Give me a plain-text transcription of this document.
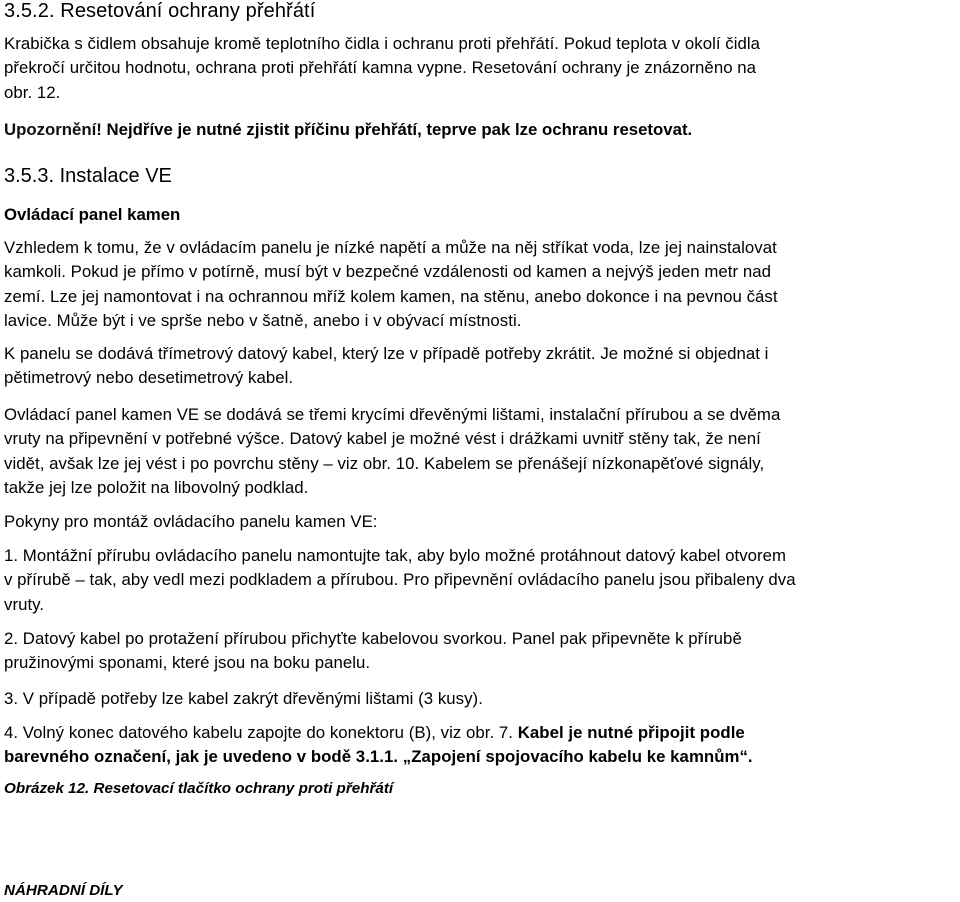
3.5.2. Resetování ochrany přehřátí

Krabička s čidlem obsahuje kromě teplotního čidla i ochranu proti přehřátí. Pokud teplota v okolí čidla
překročí určitou hodnotu, ochrana proti přehřátí kamna vypne. Resetování ochrany je znázorněno na
obr. 12.

Upozornění! Nejdříve je nutné zjistit příčinu přehřátí, teprve pak lze ochranu resetovat.

3.5.3. Instalace VE
Ovládací panel kamen

Vzhledem k tomu, že v ovládacím panelu je nízké napětí a může na něj stříkat voda, lze jej nainstalovat
kamkoli. Pokud je přímo v potírně, musí být v bezpečné vzdálenosti od kamen a nejvýš jeden metr nad
zemí. Lze jej namontovat i na ochrannou mříž kolem kamen, na stěnu, anebo dokonce i na pevnou část
lavice. Může být i ve sprše nebo v šatně, anebo i v obývací místnosti.

K panelu se dodává třímetrový datový kabel, který lze v případě potřeby zkrátit. Je možné si objednat i
pětimetrový nebo desetimetrový kabel.

Ovládací panel kamen VE se dodává se třemi krycími dřevěnými lištami, instalační přírubou a se dvěma
vruty na připevnění v potřebné výšce. Datový kabel je možné vést i drážkami uvnitř stěny tak, že není
vidět, avšak lze jej vést i po povrchu stěny – viz obr. 10. Kabelem se přenášejí nízkonapěťové signály,
takže jej lze položit na libovolný podklad.

Pokyny pro montáž ovládacího panelu kamen VE:

1. Montážní přírubu ovládacího panelu namontujte tak, aby bylo možné protáhnout datový kabel otvorem
v přírubě – tak, aby vedl mezi podkladem a přírubou. Pro připevnění ovládacího panelu jsou přibaleny dva
vruty.

2. Datový kabel po protažení přírubou přichyťte kabelovou svorkou. Panel pak připevněte k přírubě
pružinovými sponami, které jsou na boku panelu.

3. V případě potřeby lze kabel zakrýt dřevěnými lištami (3 kusy).

4. Volný konec datového kabelu zapojte do konektoru (B), viz obr. 7. Kabel je nutné připojit podle
barevného označení, jak je uvedeno v bodě 3.1.1. „Zapojení spojovacího kabelu ke kamnům“.

Obrázek 12. Resetovací tlačítko ochrany proti přehřátí

NÁHRADNÍ DÍLY
